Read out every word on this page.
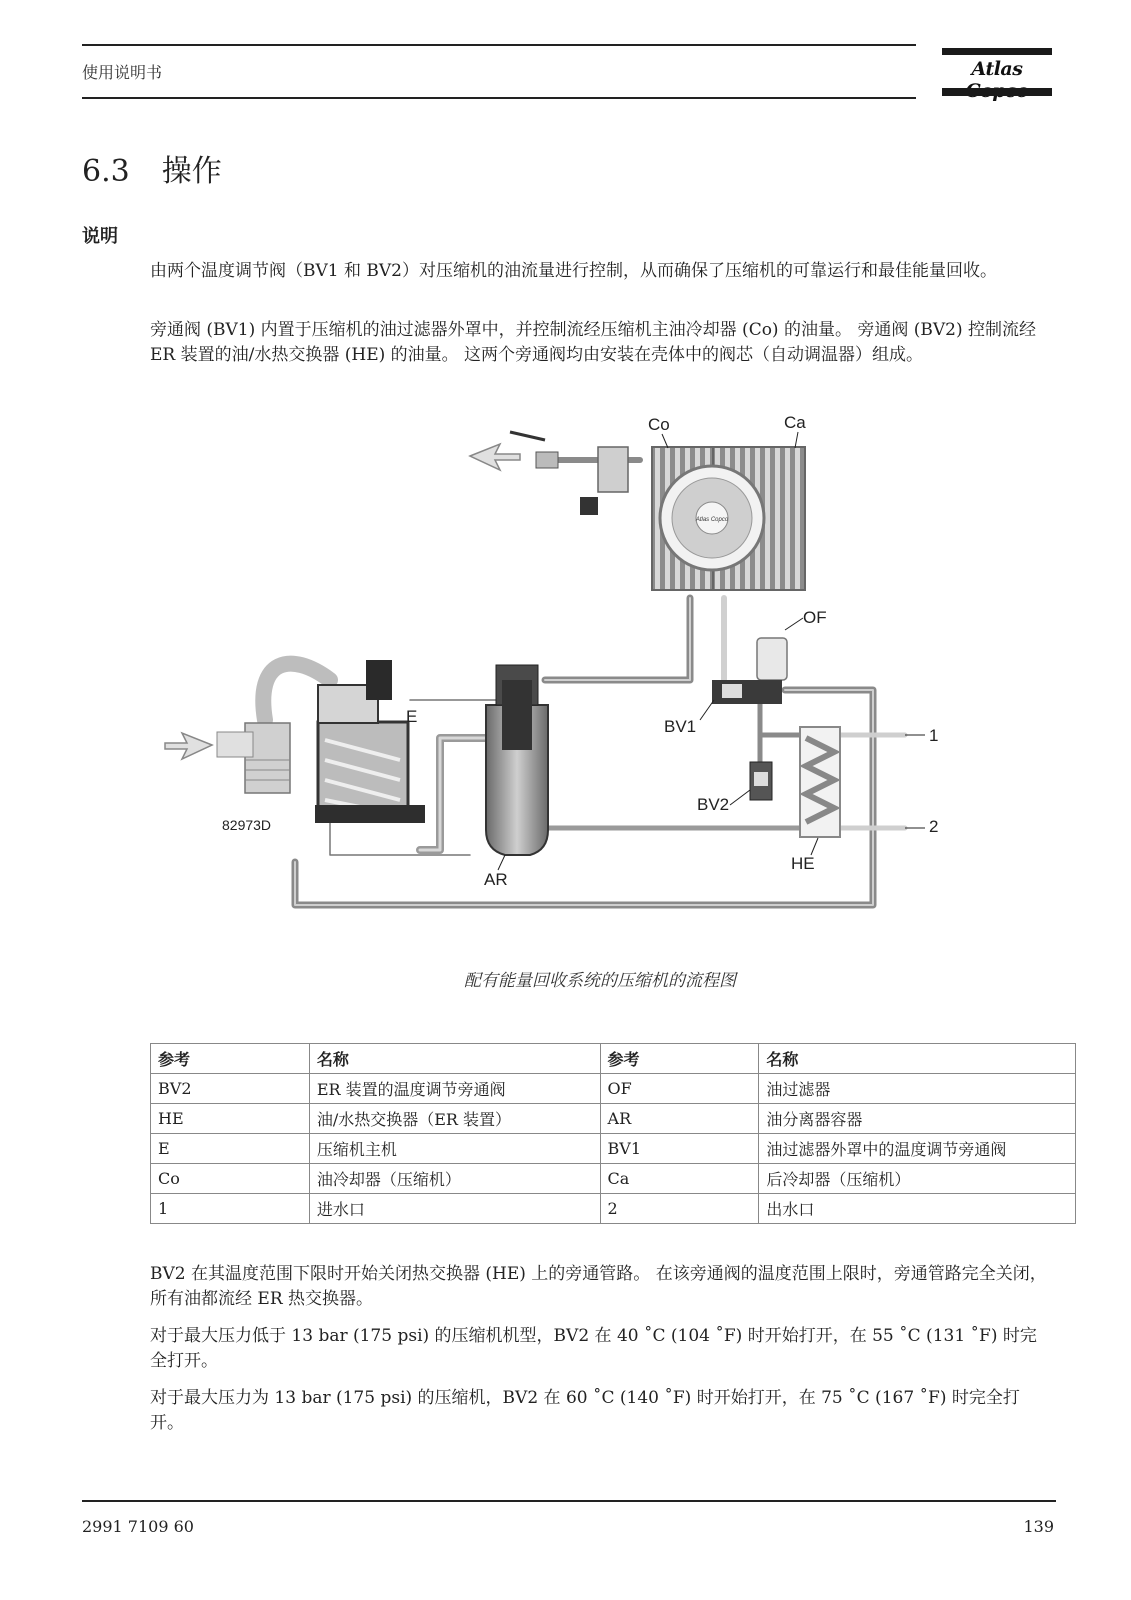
使用说明书	Atlas
6.3 操作
说明
由两个温度调节阀（BV1 和 BV2）对压缩机的油流量进行控制，从而确保了压缩机的可靠运行和最佳能量回收。
旁通阀 (BV1) 内置于压缩机的油过滤器外罩中，并控制流经压缩机主油冷却器 (Co) 的油量。 旁通阀 (BV2) 控制流经 ER 装置的油/水热交换器 (HE) 的油量。 这两个旁通阀均由安装在壳体中的阀芯（自动调温器）组成。
Atlas Copco
Co	Ca
OF
BV1
E
BV2
HE
AR
1
2
82973D
配有能量回收系统的压缩机的流程图
参考	名称	参考	名称
BV2	ER 装置的温度调节旁通阀	OF	油过滤器
HE	油/水热交换器（ER 装置）	AR	油分离器容器
E	压缩机主机	BV1	油过滤器外罩中的温度调节旁通阀
Co	油冷却器（压缩机）	Ca	后冷却器（压缩机）
1	进水口	2	出水口
BV2 在其温度范围下限时开始关闭热交换器 (HE) 上的旁通管路。 在该旁通阀的温度范围上限时，旁通管路完全关闭，所有油都流经 ER 热交换器。
对于最大压力低于 13 bar (175 psi) 的压缩机机型，BV2 在 40 ˚C (104 ˚F) 时开始打开，在 55 ˚C (131 ˚F) 时完全打开。
对于最大压力为 13 bar (175 psi) 的压缩机，BV2 在 60 ˚C (140 ˚F) 时开始打开，在 75 ˚C (167 ˚F) 时完全打开。
2991 7109 60	139
